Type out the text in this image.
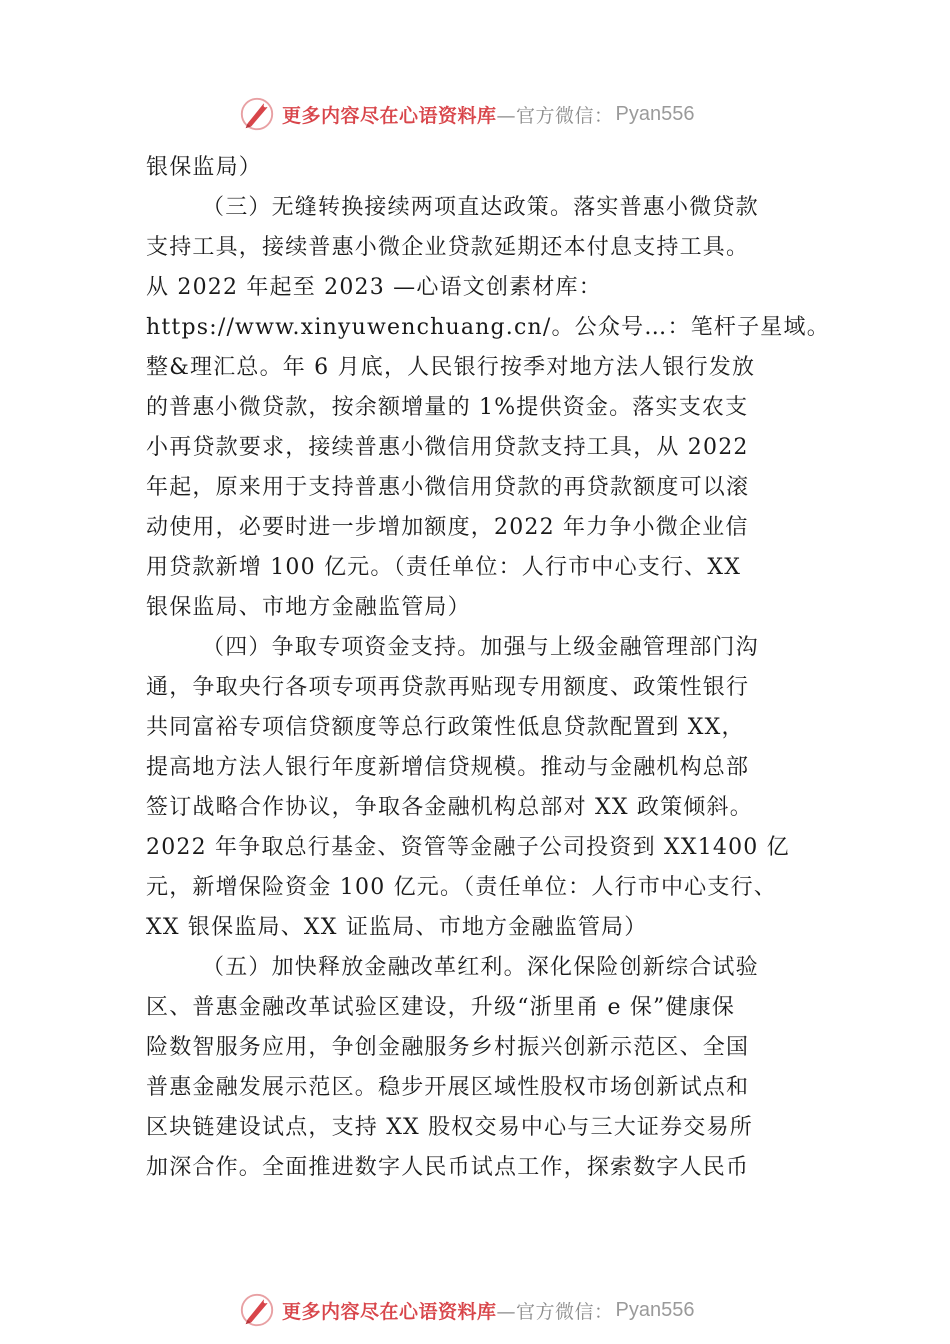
更多内容尽在心语资料库 —官方微信： Pyan556
银保监局）
（三）无缝转换接续两项直达政策。落实普惠小微贷款
支持工具，接续普惠小微企业贷款延期还本付息支持工具。
从 2022 年起至 2023 —心语文创素材库：
https://www.xinyuwenchuang.cn/。公众号…：笔杆子星域。
整&理汇总。年 6 月底，人民银行按季对地方法人银行发放
的普惠小微贷款，按余额增量的 1%提供资金。落实支农支
小再贷款要求，接续普惠小微信用贷款支持工具，从 2022
年起，原来用于支持普惠小微信用贷款的再贷款额度可以滚
动使用，必要时进一步增加额度，2022 年力争小微企业信
用贷款新增 100 亿元。（责任单位：人行市中心支行、XX
银保监局、市地方金融监管局）
（四）争取专项资金支持。加强与上级金融管理部门沟
通，争取央行各项专项再贷款再贴现专用额度、政策性银行
共同富裕专项信贷额度等总行政策性低息贷款配置到 XX，
提高地方法人银行年度新增信贷规模。推动与金融机构总部
签订战略合作协议，争取各金融机构总部对 XX 政策倾斜。
2022 年争取总行基金、资管等金融子公司投资到 XX1400 亿
元，新增保险资金 100 亿元。（责任单位：人行市中心支行、
XX 银保监局、XX 证监局、市地方金融监管局）
（五）加快释放金融改革红利。深化保险创新综合试验
区、普惠金融改革试验区建设，升级“浙里甬 e 保”健康保
险数智服务应用，争创金融服务乡村振兴创新示范区、全国
普惠金融发展示范区。稳步开展区域性股权市场创新试点和
区块链建设试点，支持 XX 股权交易中心与三大证券交易所
加深合作。全面推进数字人民币试点工作，探索数字人民币
更多内容尽在心语资料库 —官方微信： Pyan556
